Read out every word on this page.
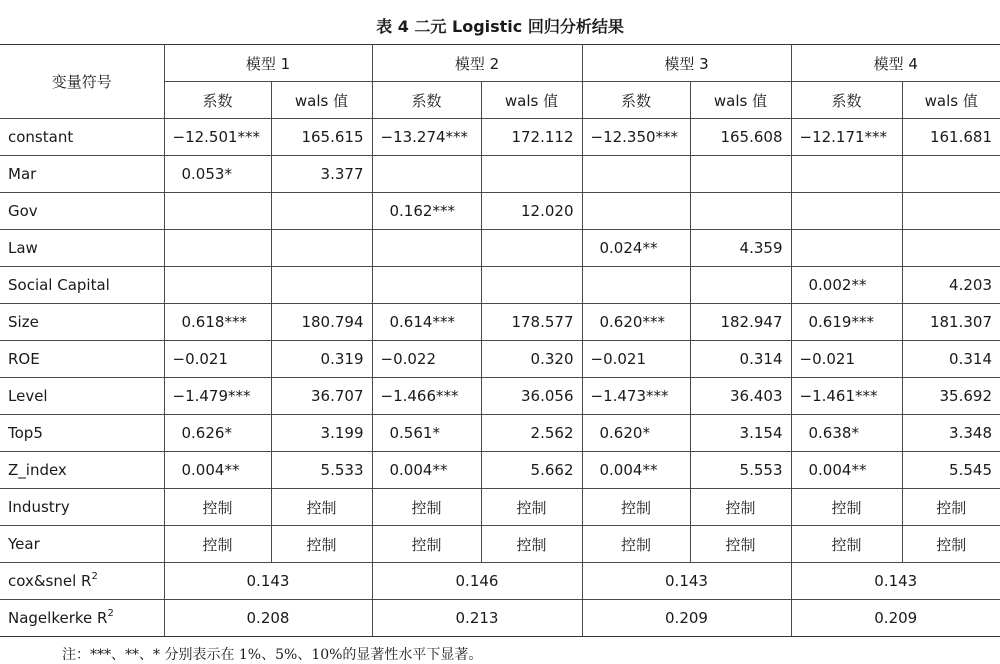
表 4 二元 Logistic 回归分析结果
变量符号	模型 1		模型 2		模型 3		模型 4	
	系数	wals 值	系数	wals 值	系数	wals 值	系数	wals 值
constant	−12.501***	165.615	−13.274***	172.112	−12.350***	165.608	−12.171***	161.681
Mar	0.053*	3.377						
Gov			0.162***	12.020				
Law					0.024**	4.359		
Social Capital							0.002**	4.203
Size	0.618***	180.794	0.614***	178.577	0.620***	182.947	0.619***	181.307
ROE	−0.021	0.319	−0.022	0.320	−0.021	0.314	−0.021	0.314
Level	−1.479***	36.707	−1.466***	36.056	−1.473***	36.403	−1.461***	35.692
Top5	0.626*	3.199	0.561*	2.562	0.620*	3.154	0.638*	3.348
Z_index	0.004**	5.533	0.004**	5.662	0.004**	5.553	0.004**	5.545
Industry	控制	控制	控制	控制	控制	控制	控制	控制
Year	控制	控制	控制	控制	控制	控制	控制	控制
cox&snel $R^2$	0.143		0.146		0.143		0.143	
Nagelkerke $R^2$	0.208		0.213		0.209		0.209	
注：***、**、* 分别表示在 1%、5%、10%的显著性水平下显著。
